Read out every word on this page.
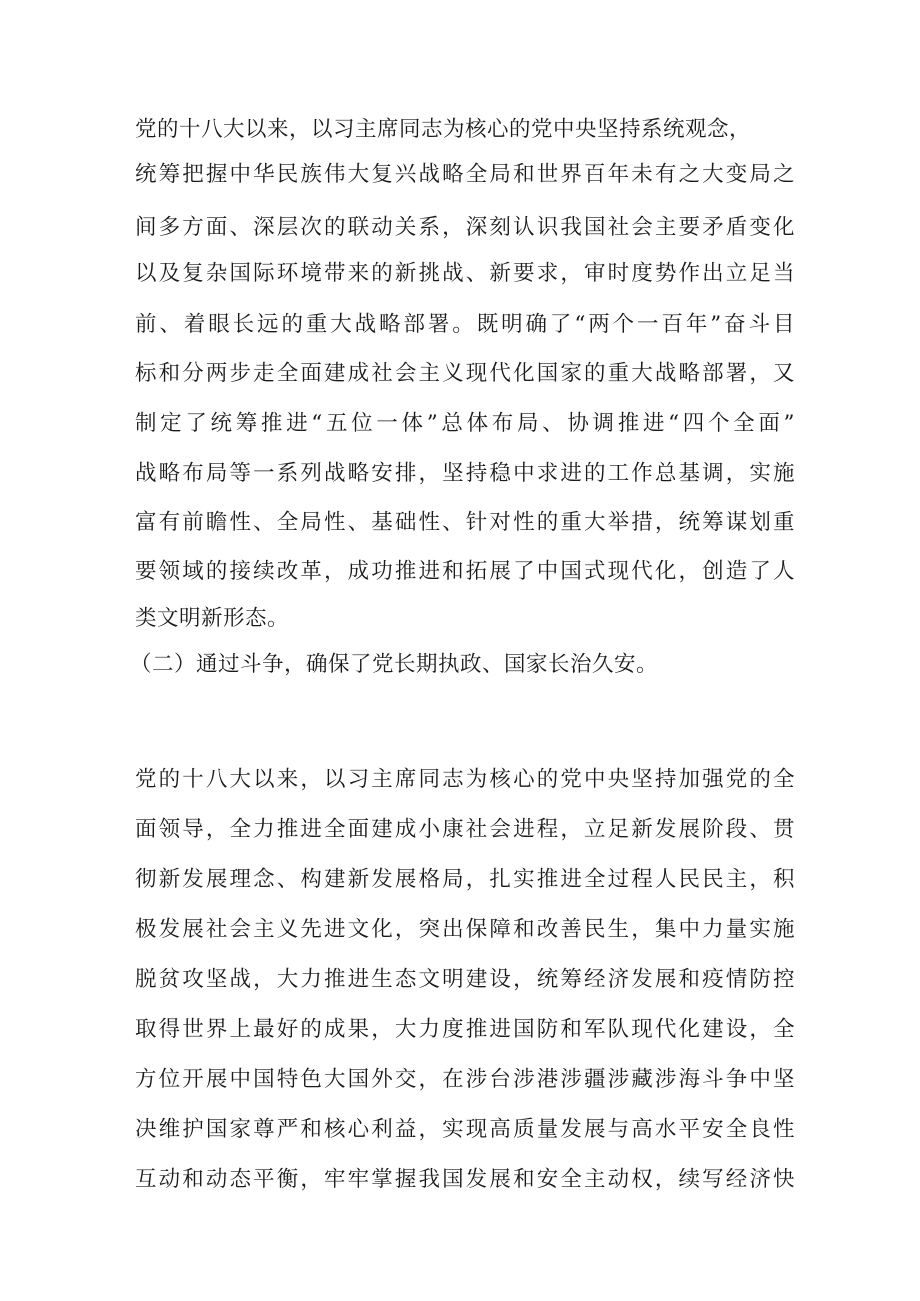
党的十八大以来，以习主席同志为核心的党中央坚持系统观念，
统筹把握中华民族伟大复兴战略全局和世界百年未有之大变局之
间多方面、深层次的联动关系，深刻认识我国社会主要矛盾变化
以及复杂国际环境带来的新挑战、新要求，审时度势作出立足当
前、着眼长远的重大战略部署。既明确了“两个一百年”奋斗目
标和分两步走全面建成社会主义现代化国家的重大战略部署，又
制定了统筹推进“五位一体”总体布局、协调推进“四个全面”
战略布局等一系列战略安排，坚持稳中求进的工作总基调，实施
富有前瞻性、全局性、基础性、针对性的重大举措，统筹谋划重
要领域的接续改革，成功推进和拓展了中国式现代化，创造了人
类文明新形态。
（二）通过斗争，确保了党长期执政、国家长治久安。
党的十八大以来，以习主席同志为核心的党中央坚持加强党的全
面领导，全力推进全面建成小康社会进程，立足新发展阶段、贯
彻新发展理念、构建新发展格局，扎实推进全过程人民民主，积
极发展社会主义先进文化，突出保障和改善民生，集中力量实施
脱贫攻坚战，大力推进生态文明建设，统筹经济发展和疫情防控
取得世界上最好的成果，大力度推进国防和军队现代化建设，全
方位开展中国特色大国外交，在涉台涉港涉疆涉藏涉海斗争中坚
决维护国家尊严和核心利益，实现高质量发展与高水平安全良性
互动和动态平衡，牢牢掌握我国发展和安全主动权，续写经济快
